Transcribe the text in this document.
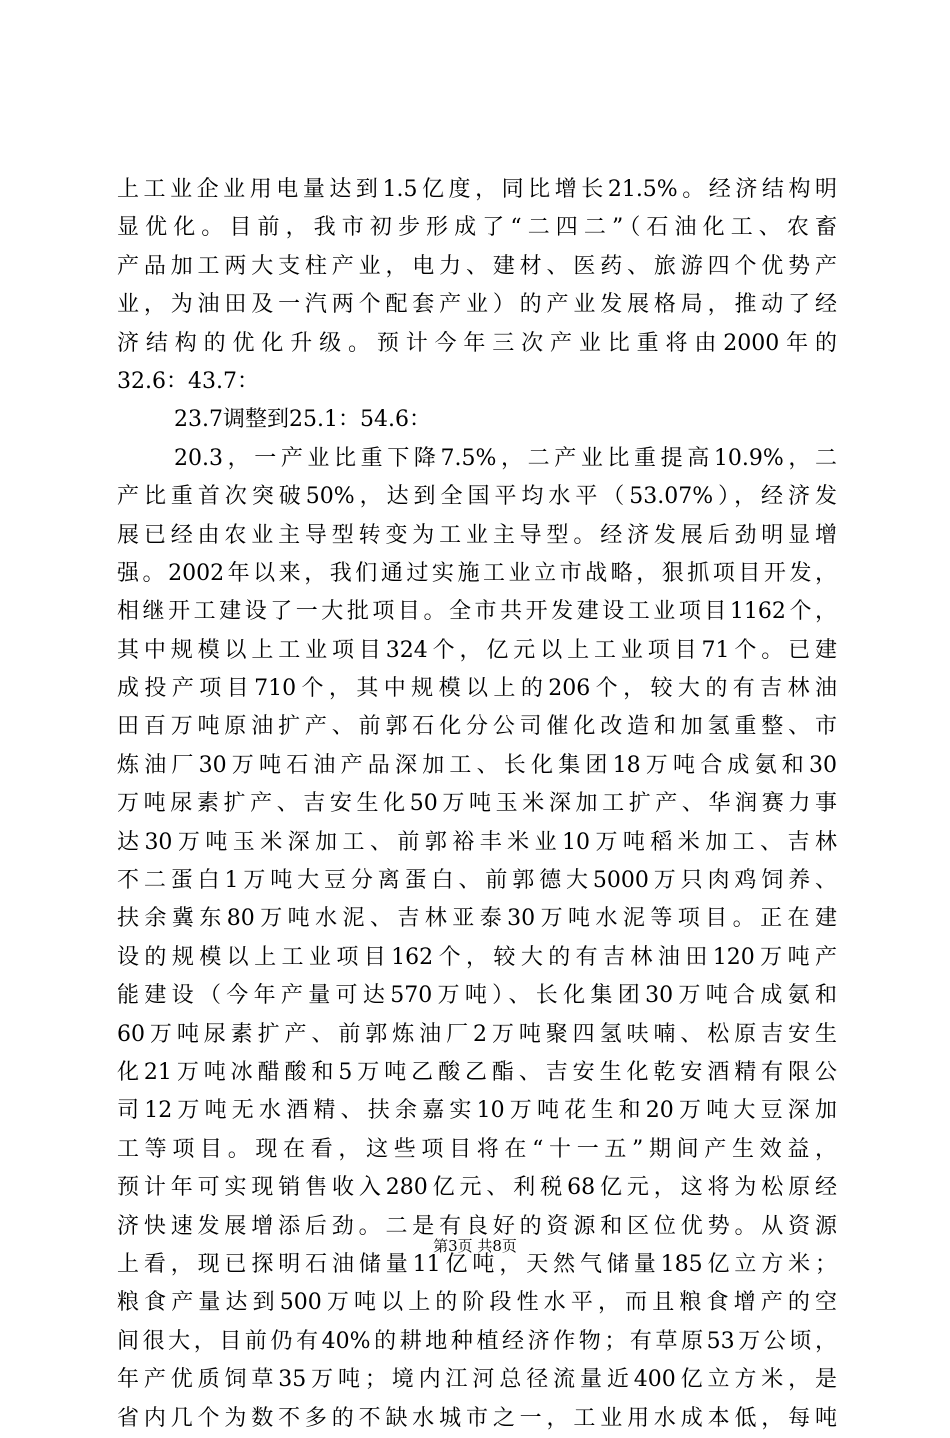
上工业企业用电量达到1.5亿度，同比增长21.5%。经济结构明
显优化。目前，我市初步形成了“二四二”（石油化工、农畜
产品加工两大支柱产业，电力、建材、医药、旅游四个优势产
业，为油田及一汽两个配套产业）的产业发展格局，推动了经
济结构的优化升级。预计今年三次产业比重将由2000年的
32.6：43.7：
23.7调整到25.1：54.6：
20.3，一产业比重下降7.5%，二产业比重提高10.9%，二
产比重首次突破50%，达到全国平均水平（53.07%），经济发
展已经由农业主导型转变为工业主导型。经济发展后劲明显增
强。2002年以来，我们通过实施工业立市战略，狠抓项目开发，
相继开工建设了一大批项目。全市共开发建设工业项目1162个，
其中规模以上工业项目324个，亿元以上工业项目71个。已建
成投产项目710个，其中规模以上的206个，较大的有吉林油
田百万吨原油扩产、前郭石化分公司催化改造和加氢重整、市
炼油厂30万吨石油产品深加工、长化集团18万吨合成氨和30
万吨尿素扩产、吉安生化50万吨玉米深加工扩产、华润赛力事
达30万吨玉米深加工、前郭裕丰米业10万吨稻米加工、吉林
不二蛋白1万吨大豆分离蛋白、前郭德大5000万只肉鸡饲养、
扶余冀东80万吨水泥、吉林亚泰30万吨水泥等项目。正在建
设的规模以上工业项目162个，较大的有吉林油田120万吨产
能建设（今年产量可达570万吨）、长化集团30万吨合成氨和
60万吨尿素扩产、前郭炼油厂2万吨聚四氢呋喃、松原吉安生
化21万吨冰醋酸和5万吨乙酸乙酯、吉安生化乾安酒精有限公
司12万吨无水酒精、扶余嘉实10万吨花生和20万吨大豆深加
工等项目。现在看，这些项目将在“十一五”期间产生效益，
预计年可实现销售收入280亿元、利税68亿元，这将为松原经
济快速发展增添后劲。二是有良好的资源和区位优势。从资源
上看，现已探明石油储量11亿吨，天然气储量185亿立方米；
粮食产量达到500万吨以上的阶段性水平，而且粮食增产的空
间很大，目前仍有40%的耕地种植经济作物；有草原53万公顷，
年产优质饲草35万吨；境内江河总径流量近400亿立方米，是
省内几个为数不多的不缺水城市之一，工业用水成本低，每吨
第3页 共8页
